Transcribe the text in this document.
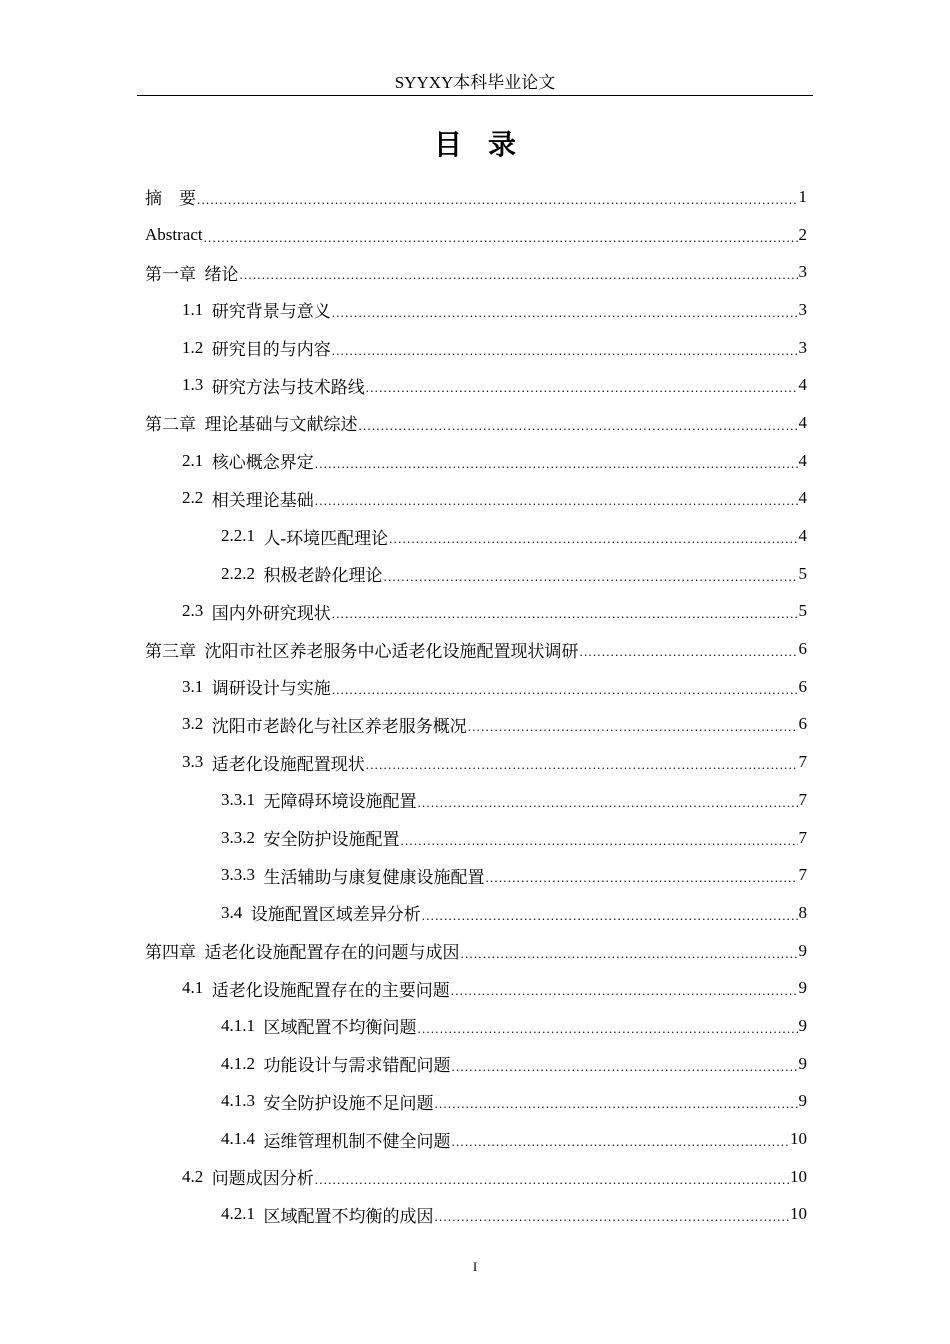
SYYXY本科毕业论文
目录
摘    要 .....	1
Abstract .....	2
第一章  绪论 .....	3
1.1 研究背景与意义 .....	3
1.2 研究目的与内容 .....	3
1.3 研究方法与技术路线 .....	4
第二章  理论基础与文献综述 .....	4
2.1 核心概念界定 .....	4
2.2 相关理论基础 .....	4
2.2.1 人-环境匹配理论 .....	4
2.2.2 积极老龄化理论 .....	5
2.3 国内外研究现状 .....	5
第三章  沈阳市社区养老服务中心适老化设施配置现状调研 .....	6
3.1 调研设计与实施 .....	6
3.2 沈阳市老龄化与社区养老服务概况 .....	6
3.3 适老化设施配置现状 .....	7
3.3.1 无障碍环境设施配置 .....	7
3.3.2 安全防护设施配置 .....	7
3.3.3 生活辅助与康复健康设施配置 .....	7
3.4 设施配置区域差异分析 .....	8
第四章  适老化设施配置存在的问题与成因 .....	9
4.1 适老化设施配置存在的主要问题 .....	9
4.1.1 区域配置不均衡问题 .....	9
4.1.2 功能设计与需求错配问题 .....	9
4.1.3 安全防护设施不足问题 .....	9
4.1.4 运维管理机制不健全问题 .....	10
4.2 问题成因分析 .....	10
4.2.1 区域配置不均衡的成因 .....	10
I
